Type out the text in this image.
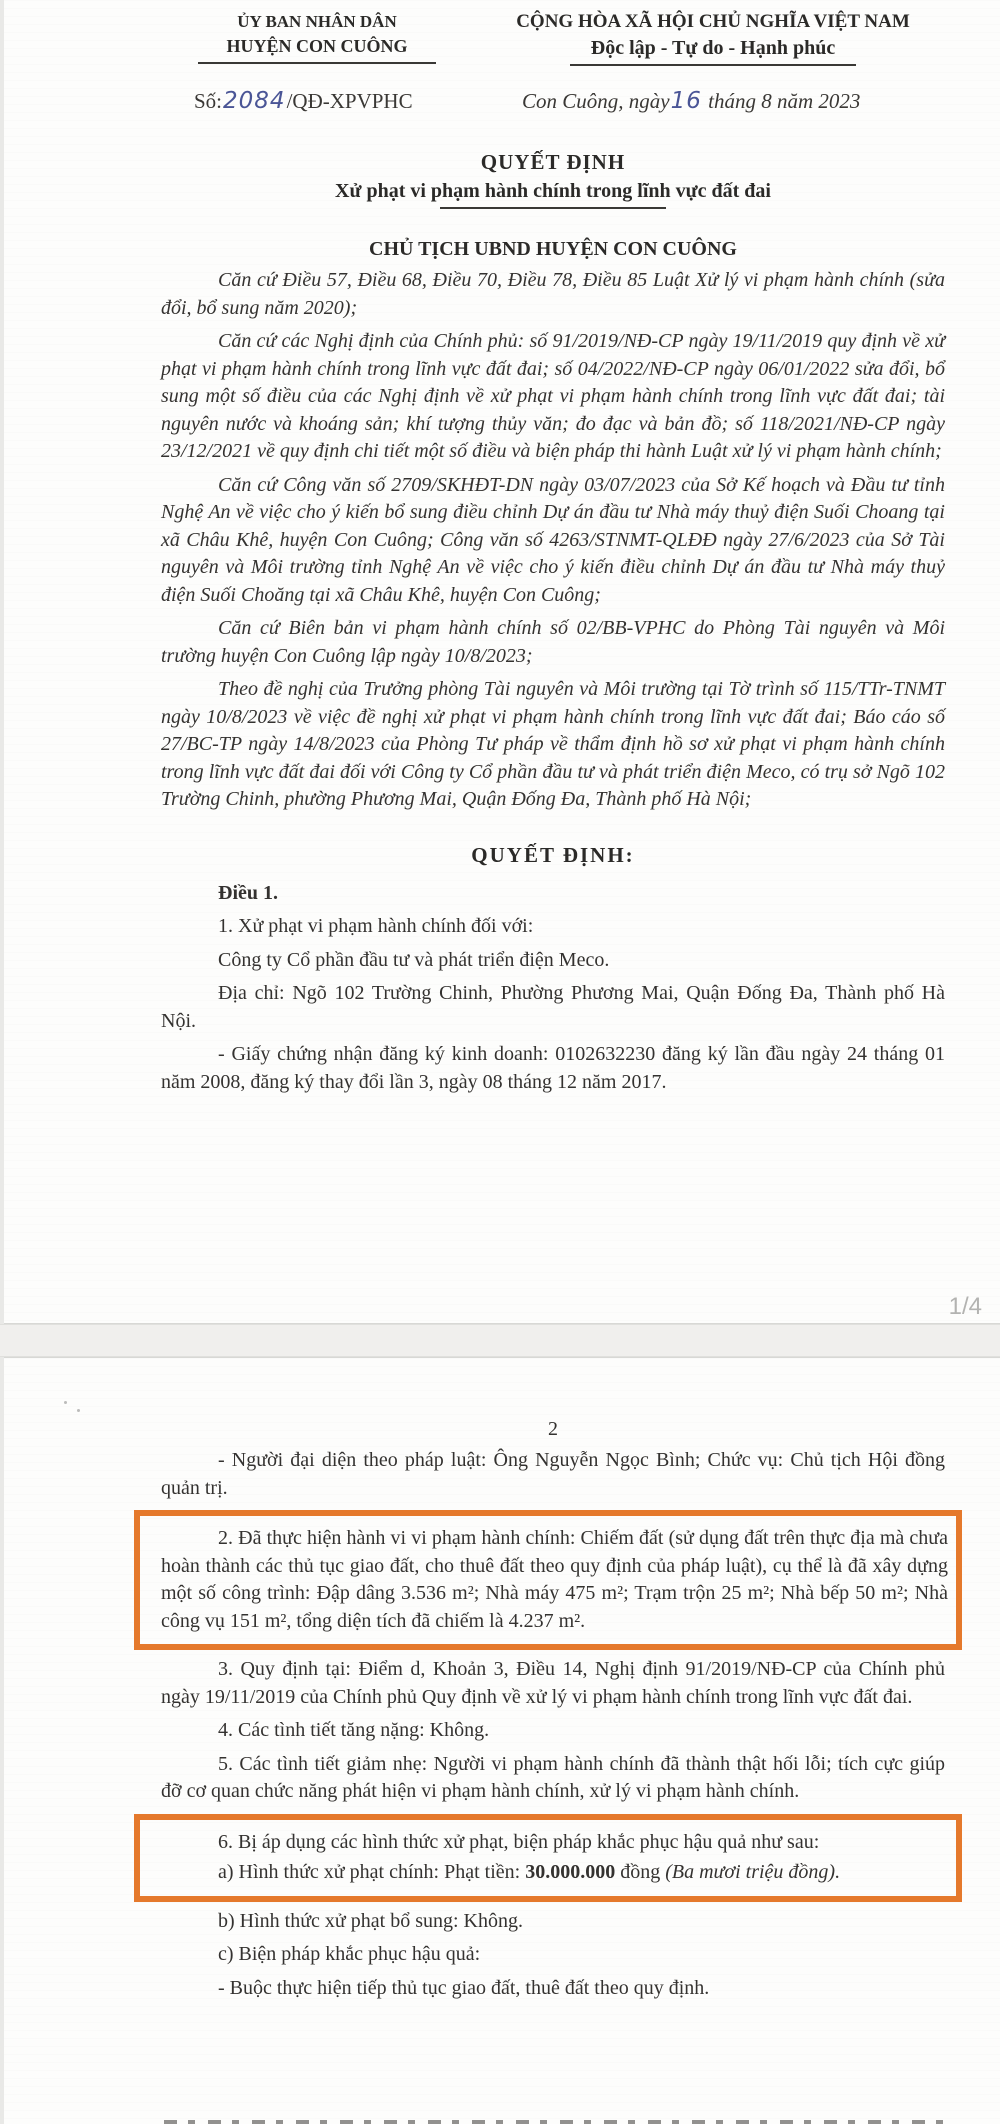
ỦY BAN NHÂN DÂN
HUYỆN CON CUÔNG
CỘNG HÒA XÃ HỘI CHỦ NGHĨA VIỆT NAM
Độc lập - Tự do - Hạnh phúc
Số:2084/QĐ-XPVPHC	Con Cuông, ngày16 tháng 8 năm 2023
QUYẾT ĐỊNH
Xử phạt vi phạm hành chính trong lĩnh vực đất đai
CHỦ TỊCH UBND HUYỆN CON CUÔNG

Căn cứ Điều 57, Điều 68, Điều 70, Điều 78, Điều 85 Luật Xử lý vi phạm hành chính (sửa đổi, bổ sung năm 2020);

Căn cứ các Nghị định của Chính phủ: số 91/2019/NĐ-CP ngày 19/11/2019 quy định về xử phạt vi phạm hành chính trong lĩnh vực đất đai; số 04/2022/NĐ-CP ngày 06/01/2022 sửa đổi, bổ sung một số điều của các Nghị định về xử phạt vi phạm hành chính trong lĩnh vực đất đai; tài nguyên nước và khoáng sản; khí tượng thủy văn; đo đạc và bản đồ; số 118/2021/NĐ-CP ngày 23/12/2021 về quy định chi tiết một số điều và biện pháp thi hành Luật xử lý vi phạm hành chính;

Căn cứ Công văn số 2709/SKHĐT-DN ngày 03/07/2023 của Sở Kế hoạch và Đầu tư tỉnh Nghệ An về việc cho ý kiến bổ sung điều chỉnh Dự án đầu tư Nhà máy thuỷ điện Suối Choang tại xã Châu Khê, huyện Con Cuông; Công văn số 4263/STNMT-QLĐĐ ngày 27/6/2023 của Sở Tài nguyên và Môi trường tỉnh Nghệ An về việc cho ý kiến điều chỉnh Dự án đầu tư Nhà máy thuỷ điện Suối Choăng tại xã Châu Khê, huyện Con Cuông;

Căn cứ Biên bản vi phạm hành chính số 02/BB-VPHC do Phòng Tài nguyên và Môi trường huyện Con Cuông lập ngày 10/8/2023;

Theo đề nghị của Trưởng phòng Tài nguyên và Môi trường tại Tờ trình số 115/TTr-TNMT ngày 10/8/2023 về việc đề nghị xử phạt vi phạm hành chính trong lĩnh vực đất đai; Báo cáo số 27/BC-TP ngày 14/8/2023 của Phòng Tư pháp về thẩm định hồ sơ xử phạt vi phạm hành chính trong lĩnh vực đất đai đối với Công ty Cổ phần đầu tư và phát triển điện Meco, có trụ sở Ngõ 102 Trường Chinh, phường Phương Mai, Quận Đống Đa, Thành phố Hà Nội;

QUYẾT ĐỊNH:
Điều 1.

1. Xử phạt vi phạm hành chính đối với:

Công ty Cổ phần đầu tư và phát triển điện Meco.

Địa chỉ: Ngõ 102 Trường Chinh, Phường Phương Mai, Quận Đống Đa, Thành phố Hà Nội.

- Giấy chứng nhận đăng ký kinh doanh: 0102632230 đăng ký lần đầu ngày 24 tháng 01 năm 2008, đăng ký thay đổi lần 3, ngày 08 tháng 12 năm 2017.

1/4
2

- Người đại diện theo pháp luật: Ông Nguyễn Ngọc Bình; Chức vụ: Chủ tịch Hội đồng quản trị.

2. Đã thực hiện hành vi vi phạm hành chính: Chiếm đất (sử dụng đất trên thực địa mà chưa hoàn thành các thủ tục giao đất, cho thuê đất theo quy định của pháp luật), cụ thể là đã xây dựng một số công trình: Đập dâng 3.536 m²; Nhà máy 475 m²; Trạm trộn 25 m²; Nhà bếp 50 m²; Nhà công vụ 151 m², tổng diện tích đã chiếm là 4.237 m².

3. Quy định tại: Điểm d, Khoản 3, Điều 14, Nghị định 91/2019/NĐ-CP của Chính phủ ngày 19/11/2019 của Chính phủ Quy định về xử lý vi phạm hành chính trong lĩnh vực đất đai.

4. Các tình tiết tăng nặng: Không.

5. Các tình tiết giảm nhẹ: Người vi phạm hành chính đã thành thật hối lỗi; tích cực giúp đỡ cơ quan chức năng phát hiện vi phạm hành chính, xử lý vi phạm hành chính.

6. Bị áp dụng các hình thức xử phạt, biện pháp khắc phục hậu quả như sau:

a) Hình thức xử phạt chính: Phạt tiền: 30.000.000 đồng (Ba mươi triệu đồng).

b) Hình thức xử phạt bổ sung: Không.

c) Biện pháp khắc phục hậu quả:

- Buộc thực hiện tiếp thủ tục giao đất, thuê đất theo quy định.
